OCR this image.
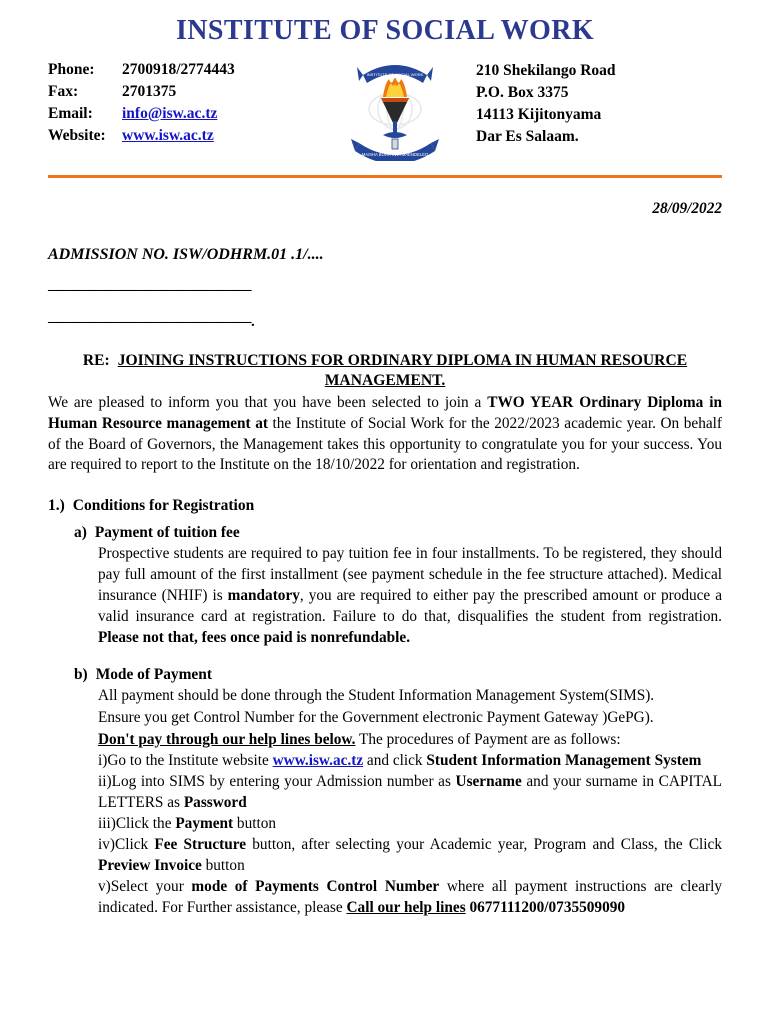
INSTITUTE OF SOCIAL WORK
Phone:	2700918/2774443
Fax:	2701375
Email:	info@isw.ac.tz
Website:	www.isw.ac.tz
INSTITUTE OF SOCIAL WORK
MAISHA BORA KWA MAENDELEO
210 Shekilango Road
P.O. Box 3375
14113 Kijitonyama
Dar Es Salaam.
28/09/2022
ADMISSION NO. ISW/ODHRM.01 .1/....
——————————————
——————————————.
RE: JOINING INSTRUCTIONS FOR ORDINARY DIPLOMA IN HUMAN RESOURCE
MANAGEMENT.
We are pleased to inform you that you have been selected to join a TWO YEAR Ordinary Diploma in Human Resource management at the Institute of Social Work for the 2022/2023 academic year. On behalf of the Board of Governors, the Management takes this opportunity to congratulate you for your success. You are required to report to the Institute on the 18/10/2022 for orientation and registration.
1.) Conditions for Registration
a) Payment of tuition fee
Prospective students are required to pay tuition fee in four installments. To be registered, they should pay full amount of the first installment (see payment schedule in the fee structure attached). Medical insurance (NHIF) is mandatory, you are required to either pay the prescribed amount or produce a valid insurance card at registration. Failure to do that, disqualifies the student from registration. Please not that, fees once paid is nonrefundable.
b) Mode of Payment
All payment should be done through the Student Information Management System(SIMS).
Ensure you get Control Number for the Government electronic Payment Gateway )GePG).
Don't pay through our help lines below. The procedures of Payment are as follows:
i)Go to the Institute website www.isw.ac.tz and click Student Information Management System
ii)Log into SIMS by entering your Admission number as Username and your surname in CAPITAL LETTERS as Password
iii)Click the Payment button
iv)Click Fee Structure button, after selecting your Academic year, Program and Class, the Click Preview Invoice button
v)Select your mode of Payments Control Number where all payment instructions are clearly indicated. For Further assistance, please Call our help lines 0677111200/0735509090
